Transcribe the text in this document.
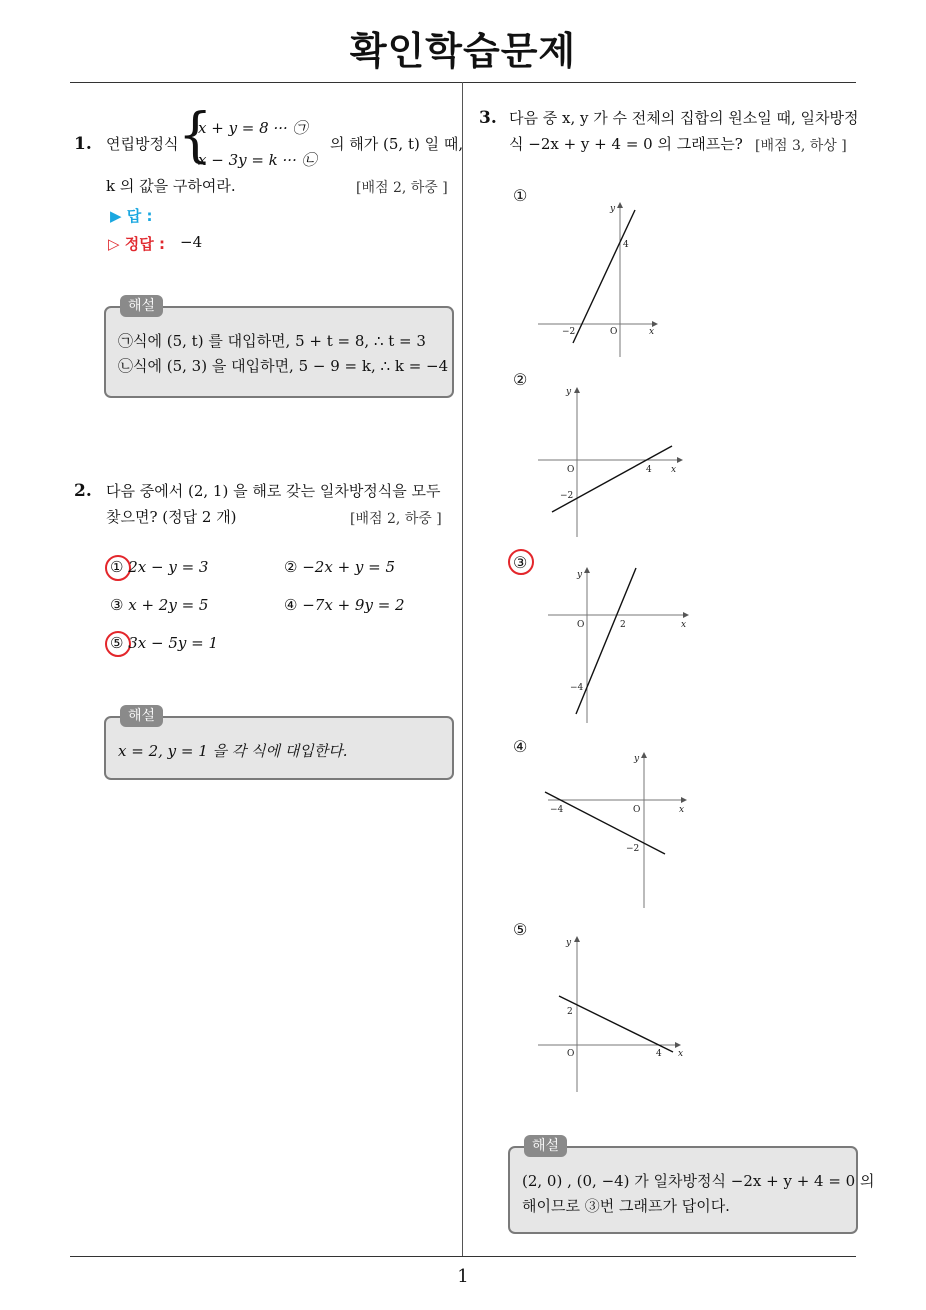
확인학습문제
1. 연립방정식 {
x + y = 8 ··· ㉠
x − 3y = k ··· ㉡
의 해가 (5, t) 일 때,
k 의 값을 구하여라.	[배점 2, 하중 ]
▶ 답 :
▷ 정답 : −4
㉠식에 (5, t) 를 대입하면, 5 + t = 8, ∴ t = 3
㉡식에 (5, 3) 을 대입하면, 5 − 9 = k, ∴ k = −4
해설
2. 다음 중에서 (2, 1) 을 해로 갖는 일차방정식을 모두
찾으면? (정답 2 개)	[배점 2, 하중 ]
① 2x − y = 3	② −2x + y = 5
③ x + 2y = 5	④ −7x + 9y = 2
⑤ 3x − 5y = 1
x = 2, y = 1 을 각 식에 대입한다.
해설
3. 다음 중 x, y 가 수 전체의 집합의 원소일 때, 일차방정
식 −2x + y + 4 = 0 의 그래프는? [배점 3, 하상 ]
①
−2
4
O	x
y
②
4
−2
O	x
y
③
2
−4
O	x
y
④
−4
−2
O	x
y
⑤
4
2
O	x
y
(2, 0) , (0, −4) 가 일차방정식 −2x + y + 4 = 0 의
해이므로 ③번 그래프가 답이다.
해설
1
